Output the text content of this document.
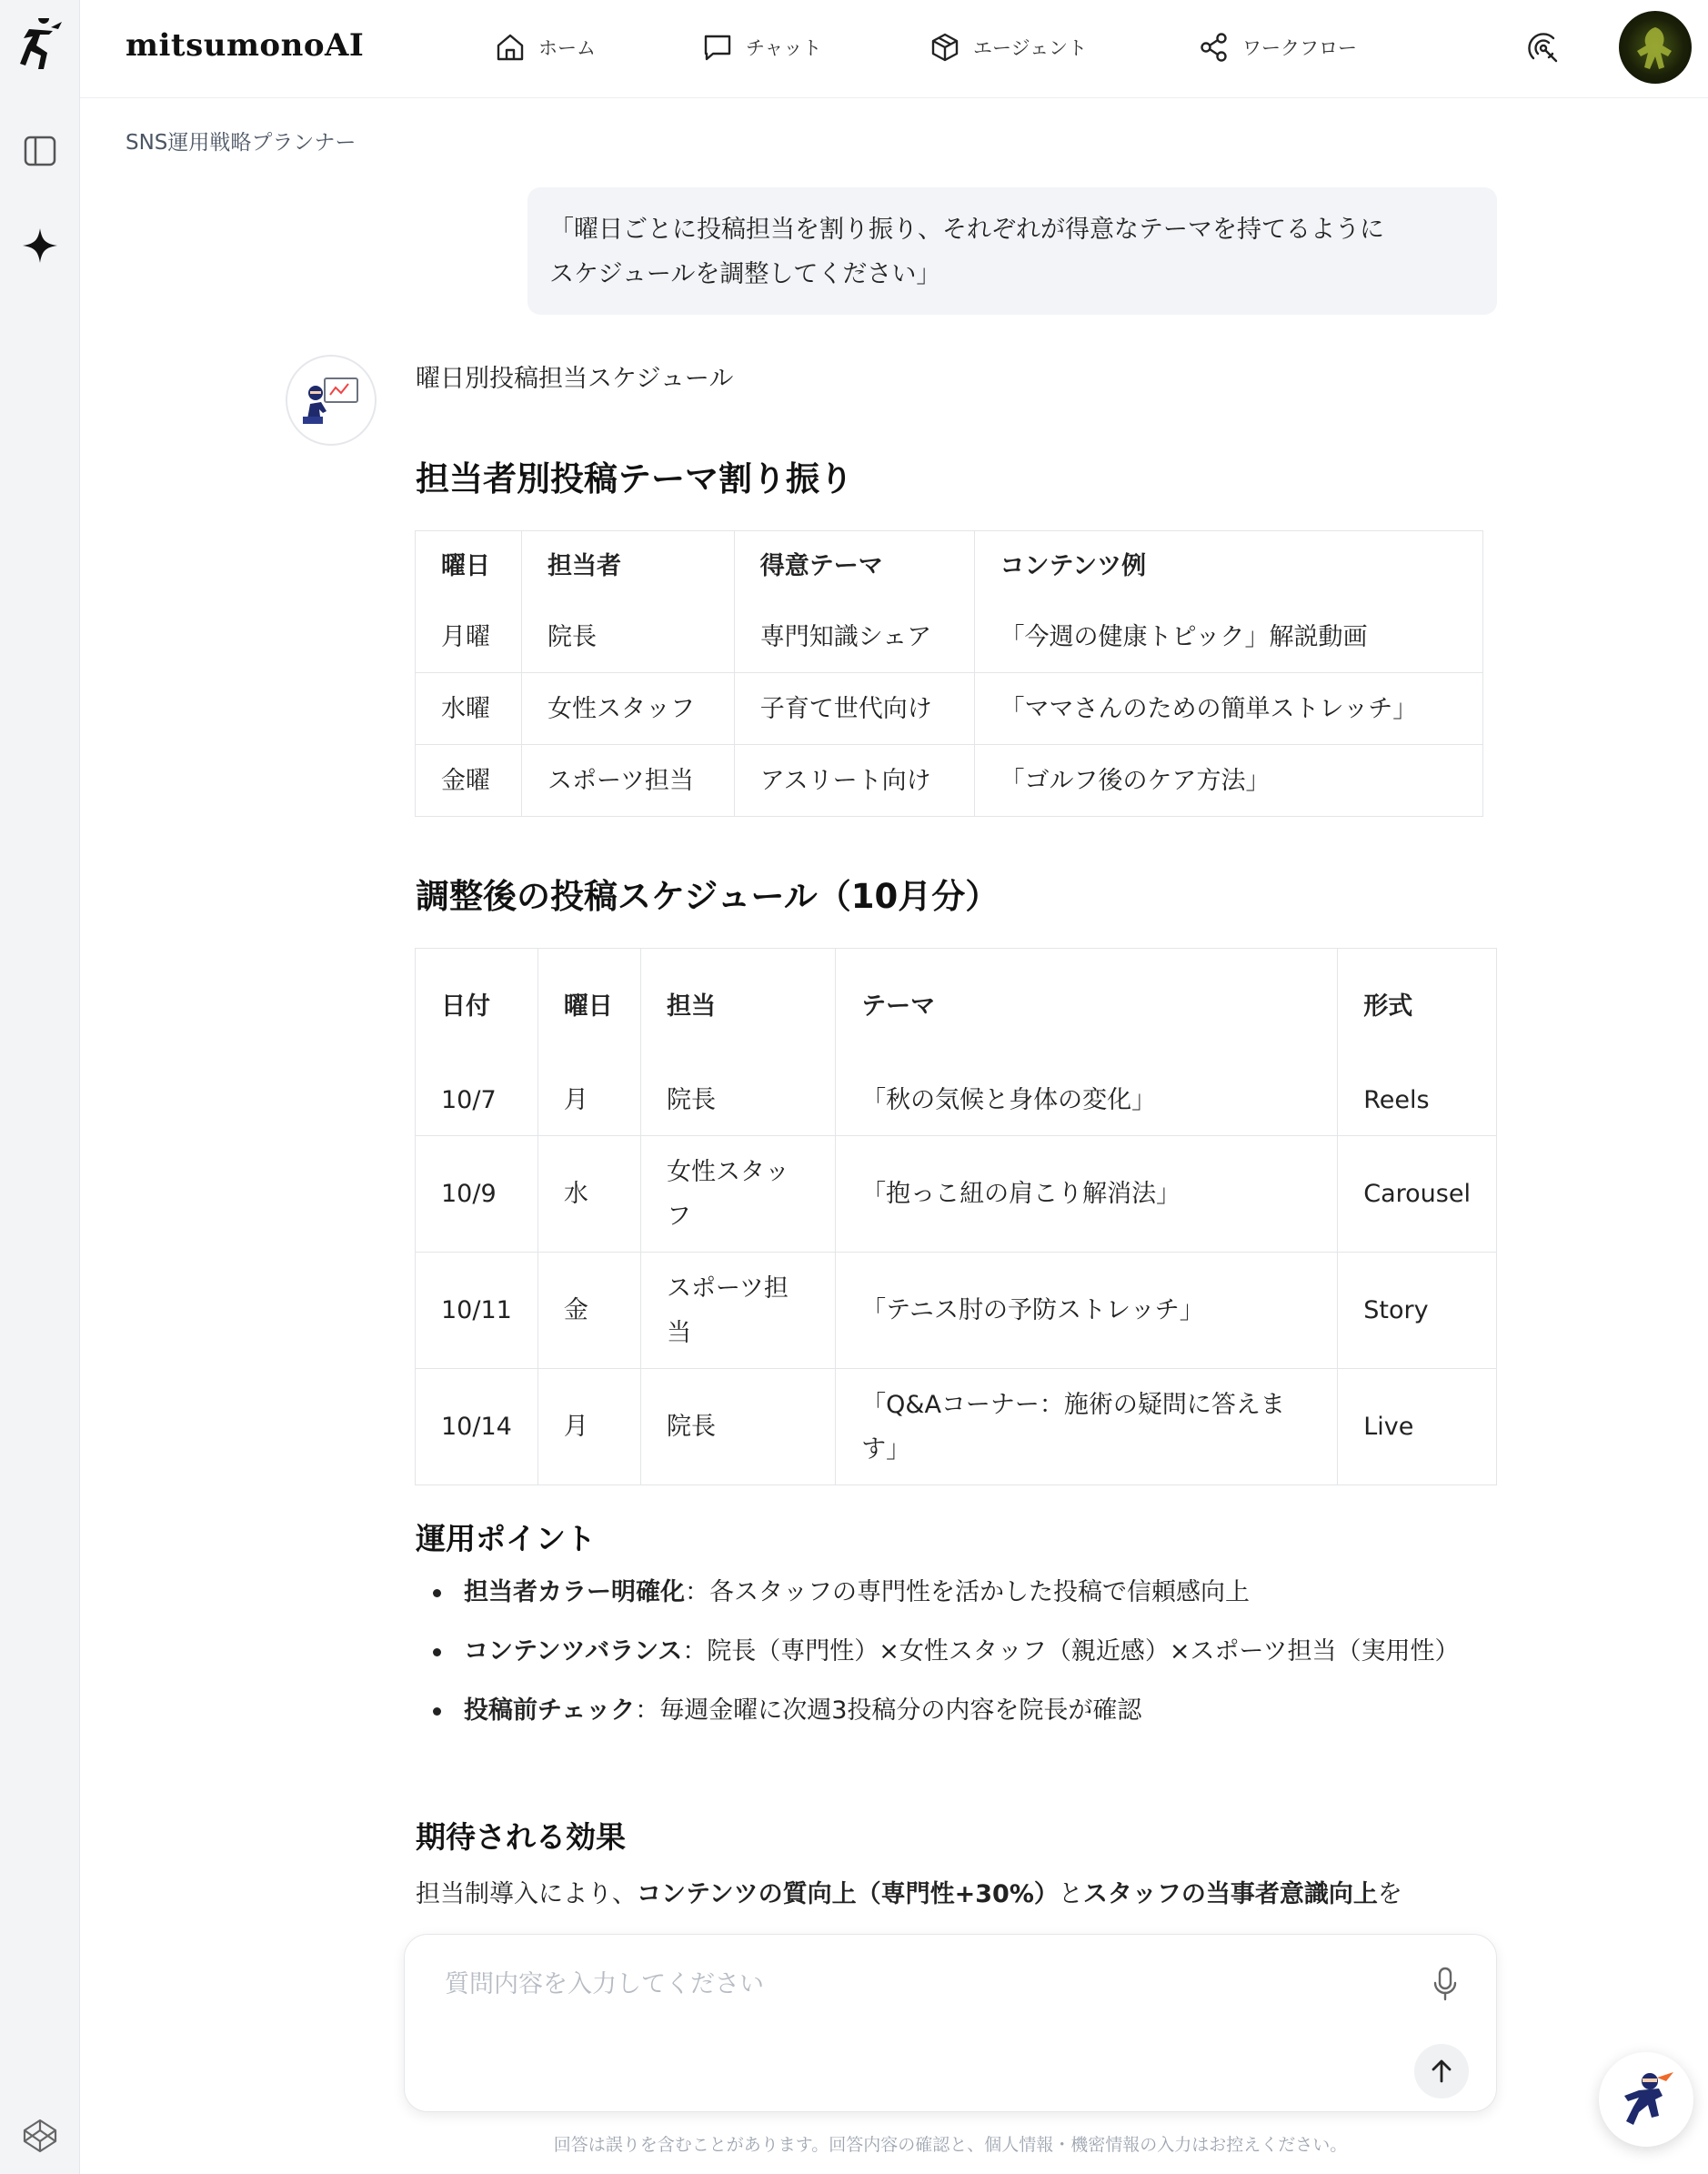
mitsumonoAI	ホーム	チャット	エージェント	ワークフロー
SNS運用戦略プランナー
「曜日ごとに投稿担当を割り振り、それぞれが得意なテーマを持てるように
スケジュールを調整してください」
曜日別投稿担当スケジュール
担当者別投稿テーマ割り振り
曜日	担当者	得意テーマ	コンテンツ例
月曜	院長	専門知識シェア	「今週の健康トピック」解説動画
水曜	女性スタッフ	子育て世代向け	「ママさんのための簡単ストレッチ」
金曜	スポーツ担当	アスリート向け	「ゴルフ後のケア方法」
調整後の投稿スケジュール（10月分）
日付	曜日	担当	テーマ	形式
10/7	月	院長	「秋の気候と身体の変化」	Reels
10/9	水	女性スタッフ	「抱っこ紐の肩こり解消法」	Carousel
10/11	金	スポーツ担当	「テニス肘の予防ストレッチ」	Story
10/14	月	院長	「Q&Aコーナー：施術の疑問に答えます」	Live
運用ポイント
担当者カラー明確化：各スタッフの専門性を活かした投稿で信頼感向上
コンテンツバランス：院長（専門性）×女性スタッフ（親近感）×スポーツ担当（実用性）
投稿前チェック：毎週金曜に次週3投稿分の内容を院長が確認
期待される効果
担当制導入により、コンテンツの質向上（専門性+30%）とスタッフの当事者意識向上を
質問内容を入力してください
回答は誤りを含むことがあります。回答内容の確認と、個人情報・機密情報の入力はお控えください。
